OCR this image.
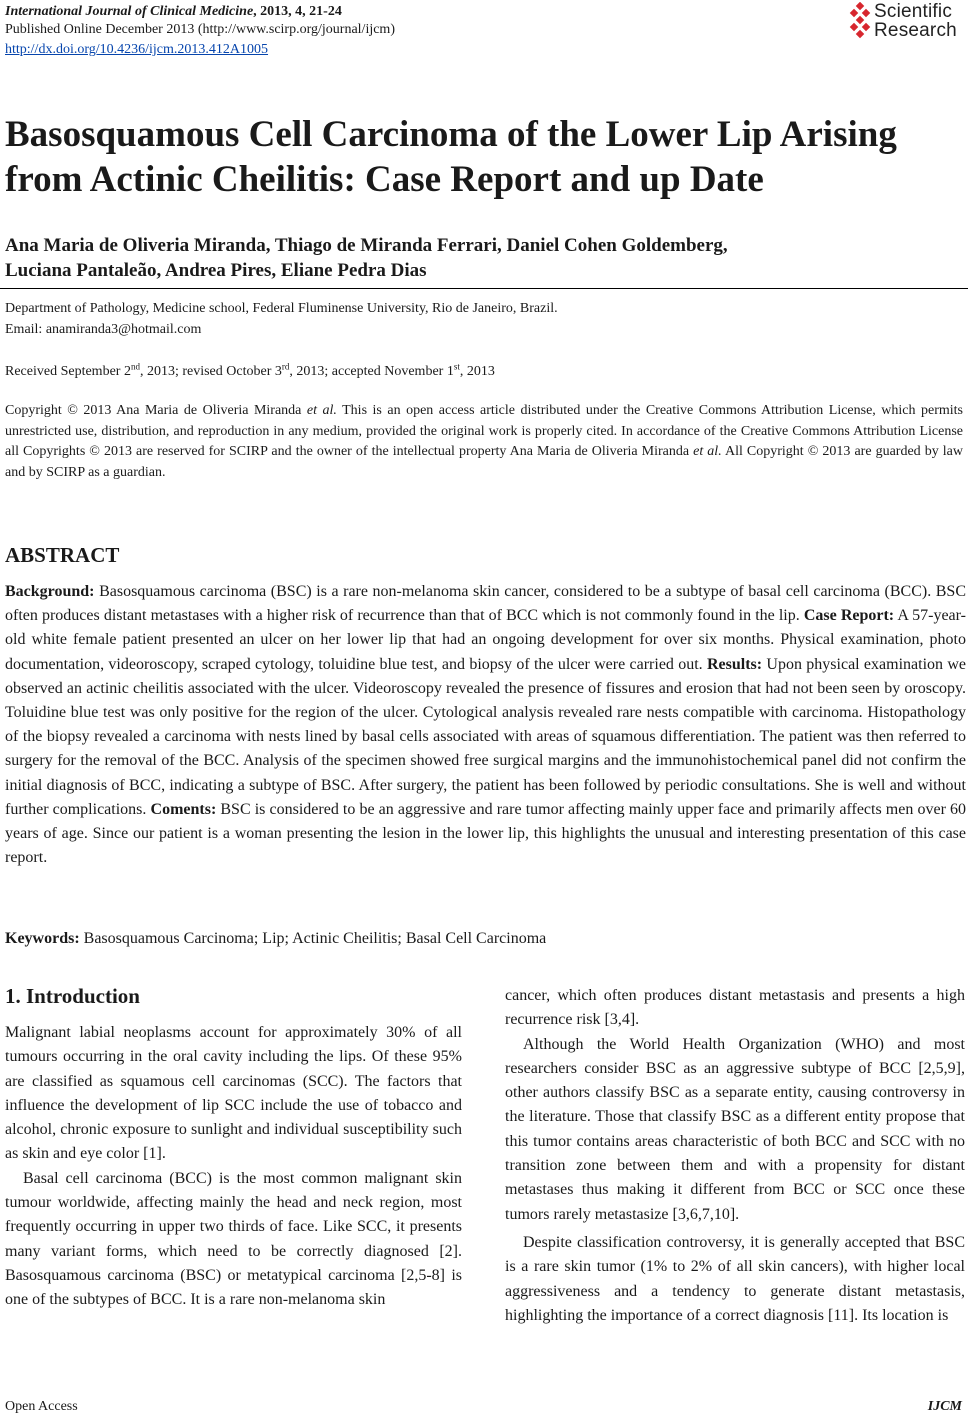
International Journal of Clinical Medicine, 2013, 4, 21-24
Published Online December 2013 (http://www.scirp.org/journal/ijcm)
http://dx.doi.org/10.4236/ijcm.2013.412A1005
Scientific
Research
Basosquamous Cell Carcinoma of the Lower Lip Arising from Actinic Cheilitis: Case Report and up Date
Ana Maria de Oliveria Miranda, Thiago de Miranda Ferrari, Daniel Cohen Goldemberg,
Luciana Pantaleão, Andrea Pires, Eliane Pedra Dias
Department of Pathology, Medicine school, Federal Fluminense University, Rio de Janeiro, Brazil.
Email: anamiranda3@hotmail.com
Received September 2nd, 2013; revised October 3rd, 2013; accepted November 1st, 2013
Copyright © 2013 Ana Maria de Oliveria Miranda et al. This is an open access article distributed under the Creative Commons Attribution License, which permits unrestricted use, distribution, and reproduction in any medium, provided the original work is properly cited. In accordance of the Creative Commons Attribution License all Copyrights © 2013 are reserved for SCIRP and the owner of the intellectual property Ana Maria de Oliveria Miranda et al. All Copyright © 2013 are guarded by law and by SCIRP as a guardian.
ABSTRACT
Background: Basosquamous carcinoma (BSC) is a rare non-melanoma skin cancer, considered to be a subtype of basal cell carcinoma (BCC). BSC often produces distant metastases with a higher risk of recurrence than that of BCC which is not commonly found in the lip. Case Report: A 57-year-old white female patient presented an ulcer on her lower lip that had an ongoing development for over six months. Physical examination, photo documentation, videoroscopy, scraped cytology, toluidine blue test, and biopsy of the ulcer were carried out. Results: Upon physical examination we observed an actinic cheilitis associated with the ulcer. Videoroscopy revealed the presence of fissures and erosion that had not been seen by oroscopy. Toluidine blue test was only positive for the region of the ulcer. Cytological analysis revealed rare nests compatible with carcinoma. Histopathology of the biopsy revealed a carcinoma with nests lined by basal cells associated with areas of squamous differentiation. The patient was then referred to surgery for the removal of the BCC. Analysis of the specimen showed free surgical margins and the immunohistochemical panel did not confirm the initial diagnosis of BCC, indicating a subtype of BSC. After surgery, the patient has been followed by periodic consultations. She is well and without further complications. Coments: BSC is considered to be an aggressive and rare tumor affecting mainly upper face and primarily affects men over 60 years of age. Since our patient is a woman presenting the lesion in the lower lip, this highlights the unusual and interesting presentation of this case report.
Keywords: Basosquamous Carcinoma; Lip; Actinic Cheilitis; Basal Cell Carcinoma
1. Introduction

Malignant labial neoplasms account for approximately 30% of all tumours occurring in the oral cavity including the lips. Of these 95% are classified as squamous cell carcinomas (SCC). The factors that influence the development of lip SCC include the use of tobacco and alcohol, chronic exposure to sunlight and individual susceptibility such as skin and eye color [1].

Basal cell carcinoma (BCC) is the most common malignant skin tumour worldwide, affecting mainly the head and neck region, most frequently occurring in upper two thirds of face. Like SCC, it presents many variant forms, which need to be correctly diagnosed [2]. Basosquamous carcinoma (BSC) or metatypical carcinoma [2,5-8] is one of the subtypes of BCC. It is a rare non-melanoma skin

cancer, which often produces distant metastasis and presents a high recurrence risk [3,4].

Although the World Health Organization (WHO) and most researchers consider BSC as an aggressive subtype of BCC [2,5,9], other authors classify BSC as a separate entity, causing controversy in the literature. Those that classify BSC as a different entity propose that this tumor contains areas characteristic of both BCC and SCC with no transition zone between them and with a propensity for distant metastases thus making it different from BCC or SCC once these tumors rarely metastasize [3,6,7,10].

Despite classification controversy, it is generally accepted that BSC is a rare skin tumor (1% to 2% of all skin cancers), with higher local aggressiveness and a tendency to generate distant metastasis, highlighting the importance of a correct diagnosis [11]. Its location is

Open Access	IJCM
